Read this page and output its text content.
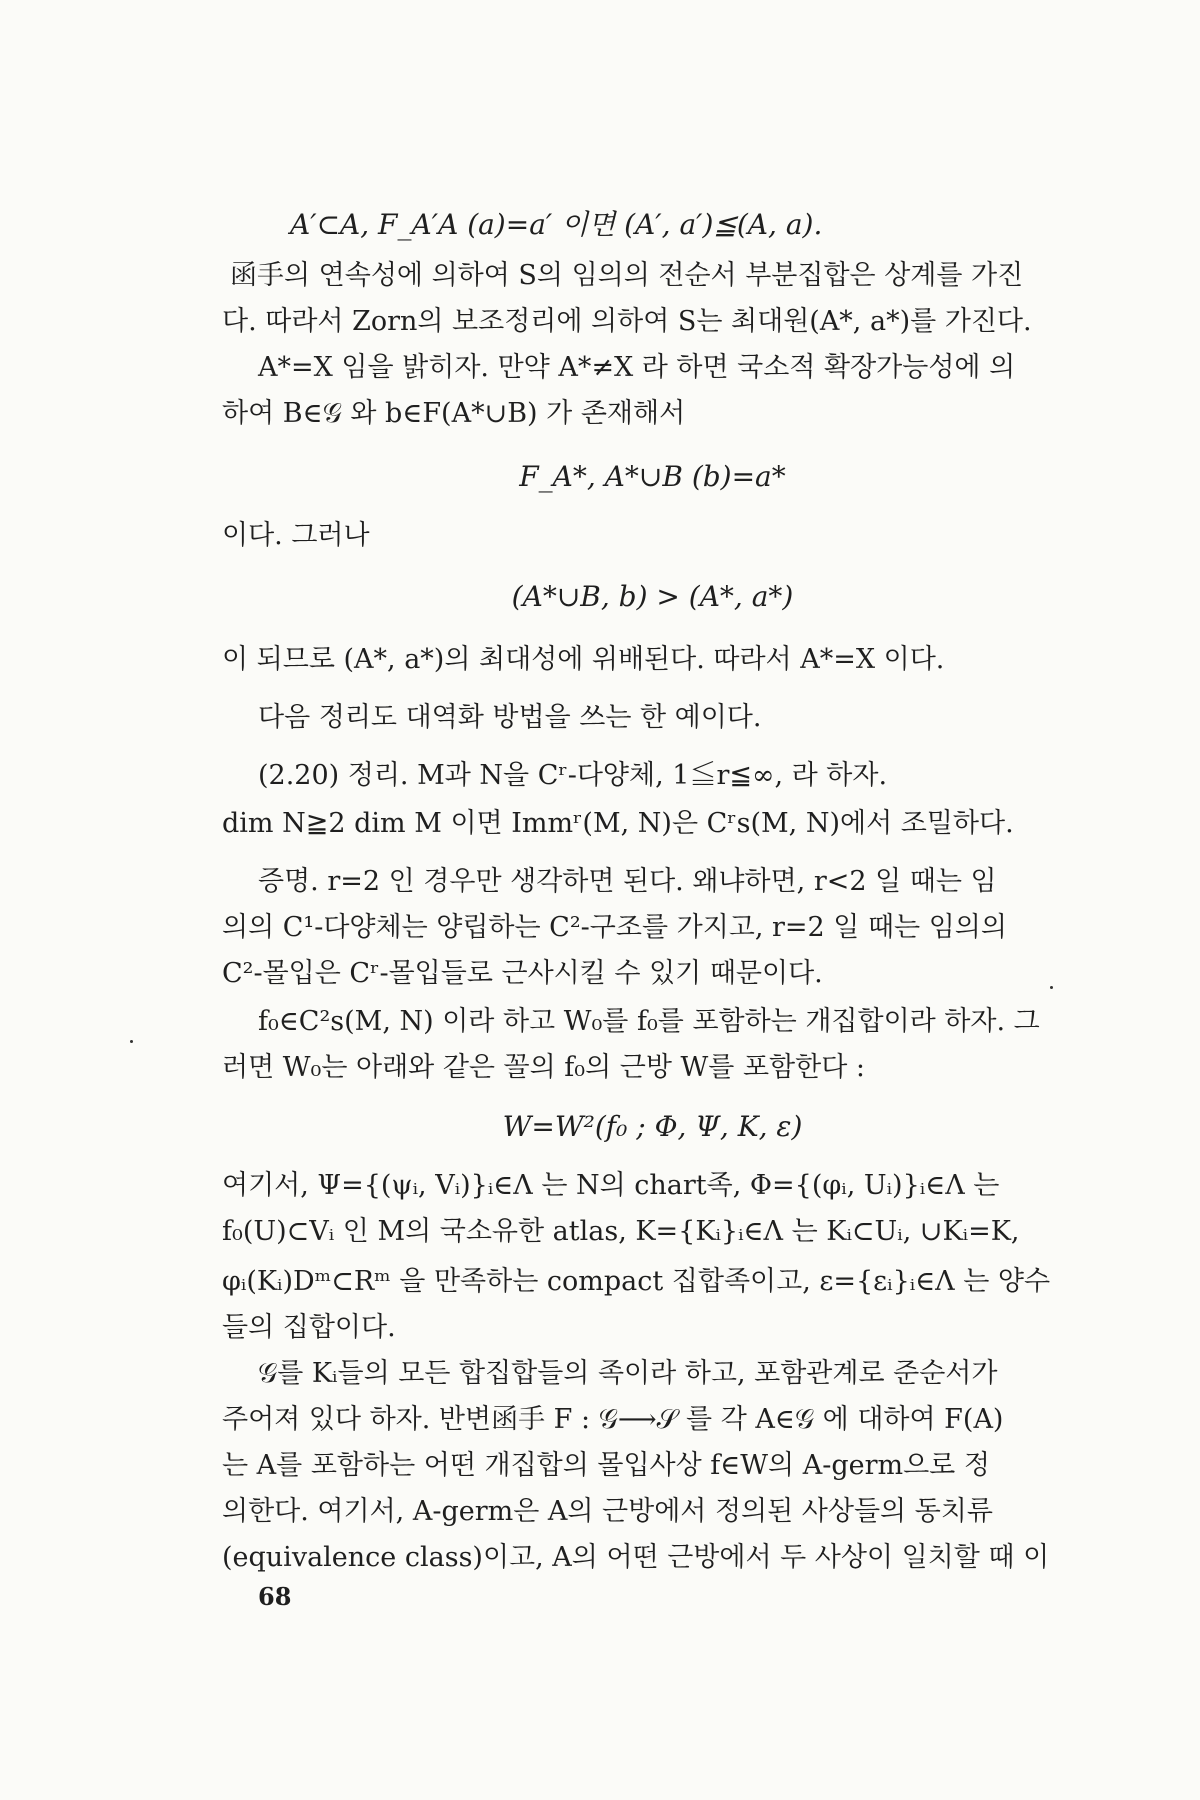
A′⊂A, F_A′A (a)=a′ 이면 (A′, a′)≦(A, a).
函手의 연속성에 의하여 S의 임의의 전순서 부분집합은 상계를 가진
다. 따라서 Zorn의 보조정리에 의하여 S는 최대원(A*, a*)를 가진다.
A*=X 임을 밝히자. 만약 A*≠X 라 하면 국소적 확장가능성에 의
하여 B∈𝒢 와 b∈F(A*∪B) 가 존재해서
F_A*, A*∪B (b)=a*
이다. 그러나
(A*∪B, b) > (A*, a*)
이 되므로 (A*, a*)의 최대성에 위배된다. 따라서 A*=X 이다.
다음 정리도 대역화 방법을 쓰는 한 예이다.
(2.20) 정리. M과 N을 Cʳ-다양체, 1≦r≦∞, 라 하자.
dim N≧2 dim M 이면 Immʳ(M, N)은 Cʳs(M, N)에서 조밀하다.
증명. r=2 인 경우만 생각하면 된다. 왜냐하면, r<2 일 때는 임
의의 C¹-다양체는 양립하는 C²-구조를 가지고, r=2 일 때는 임의의
C²-몰입은 Cʳ-몰입들로 근사시킬 수 있기 때문이다.
f₀∈C²s(M, N) 이라 하고 W₀를 f₀를 포함하는 개집합이라 하자. 그
러면 W₀는 아래와 같은 꼴의 f₀의 근방 W를 포함한다 :
W=W²(f₀ ; Φ, Ψ, K, ε)
여기서, Ψ={(ψᵢ, Vᵢ)}ᵢ∈Λ 는 N의 chart족, Φ={(φᵢ, Uᵢ)}ᵢ∈Λ 는
f₀(U)⊂Vᵢ 인 M의 국소유한 atlas, K={Kᵢ}ᵢ∈Λ 는 Kᵢ⊂Uᵢ, ∪Kᵢ=K,
φᵢ(Kᵢ)Dᵐ⊂Rᵐ 을 만족하는 compact 집합족이고, ε={εᵢ}ᵢ∈Λ 는 양수
들의 집합이다.
𝒢를 Kᵢ들의 모든 합집합들의 족이라 하고, 포함관계로 준순서가
주어져 있다 하자. 반변函手 F : 𝒢⟶𝒮 를 각 A∈𝒢 에 대하여 F(A)
는 A를 포함하는 어떤 개집합의 몰입사상 f∈W의 A-germ으로 정
의한다. 여기서, A-germ은 A의 근방에서 정의된 사상들의 동치류
(equivalence class)이고, A의 어떤 근방에서 두 사상이 일치할 때 이
68
